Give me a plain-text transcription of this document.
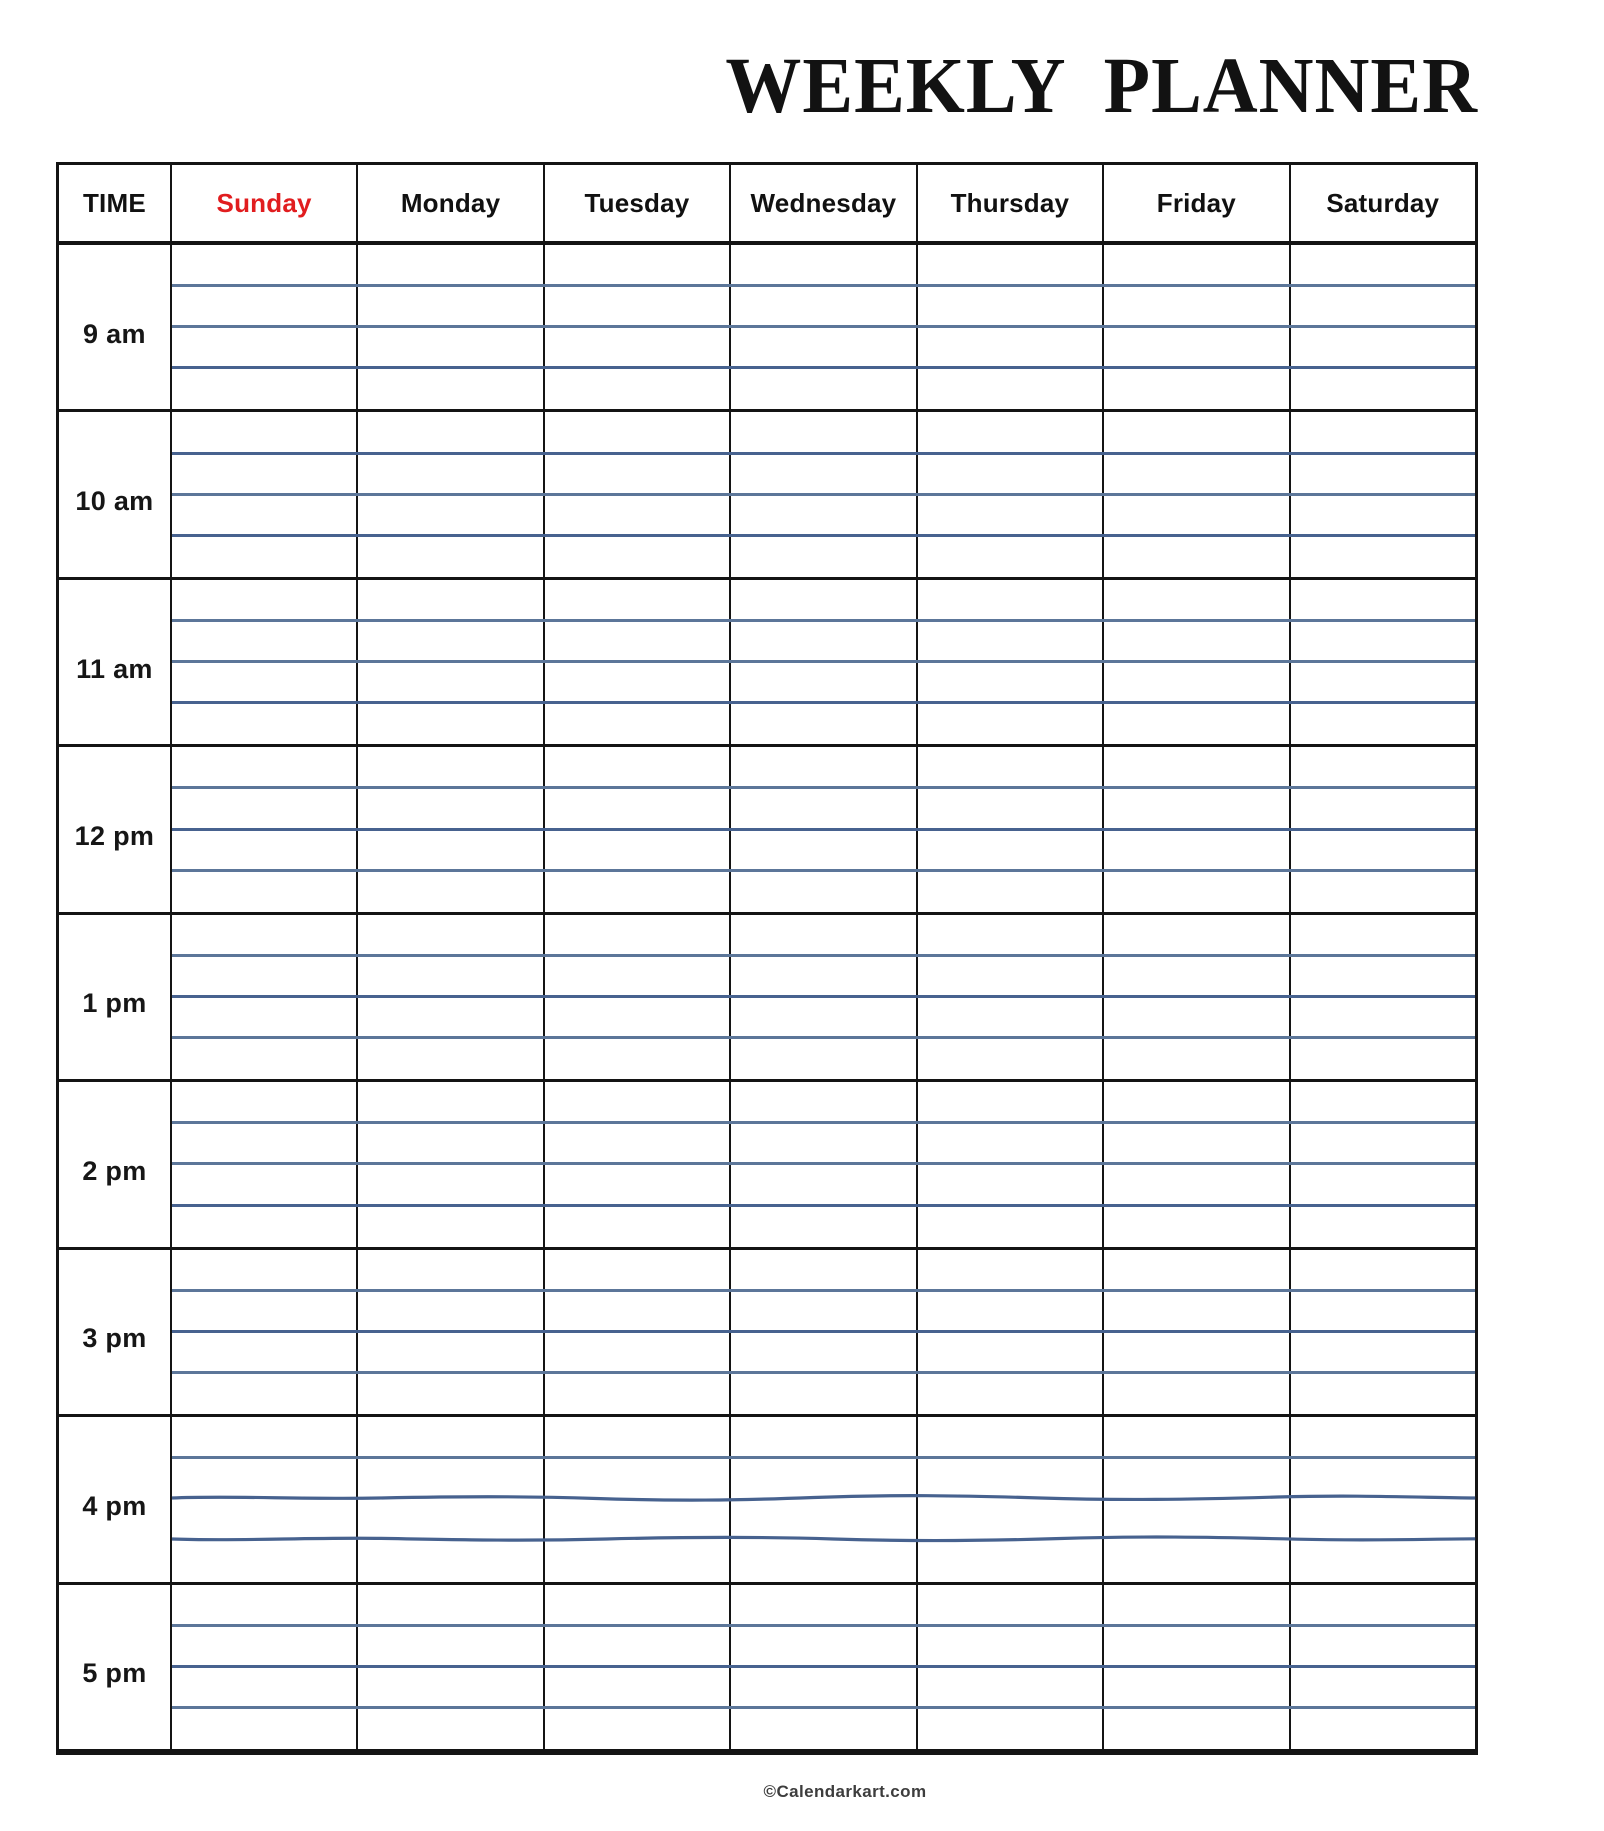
WEEKLY PLANNER
TIME	Sunday	Monday	Tuesday	Wednesday	Thursday	Friday	Saturday
9 am
10 am
11 am
12 pm
1 pm
2 pm
3 pm
4 pm
5 pm
©Calendarkart.com
